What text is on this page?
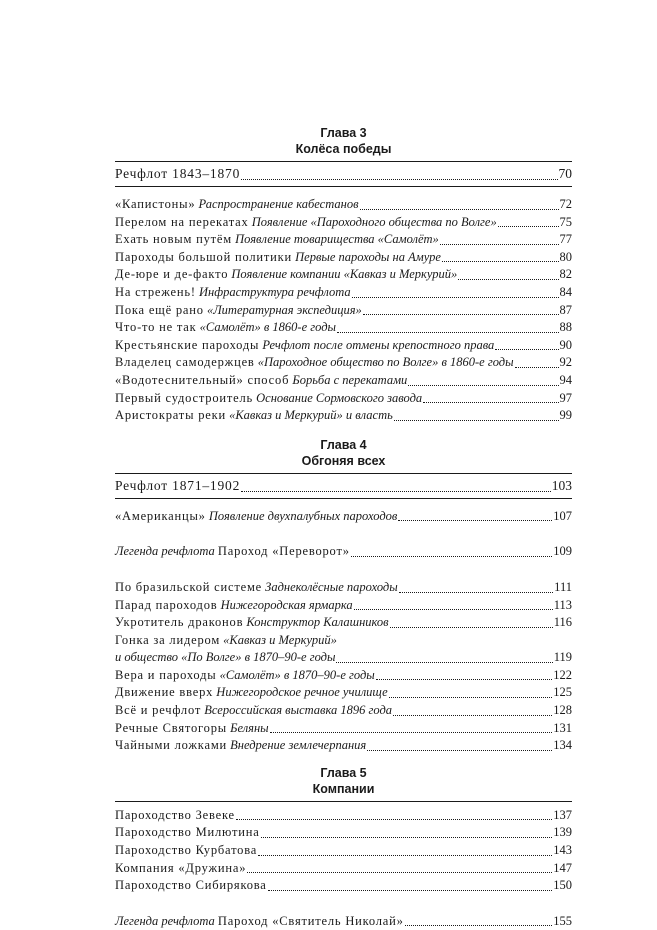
Глава 3
Колёса победы
Речфлот 1843–1870	70
«Капистоны» Распространение кабестанов	72
Перелом на перекатах Появление «Пароходного общества по Волге»	75
Ехать новым путём Появление товарищества «Самолёт»	77
Пароходы большой политики Первые пароходы на Амуре	80
Де-юре и де-факто Появление компании «Кавказ и Меркурий»	82
На стрежень! Инфраструктура речфлота	84
Пока ещё рано «Литературная экспедиция»	87
Что-то не так «Самолёт» в 1860-е годы	88
Крестьянские пароходы Речфлот после отмены крепостного права	90
Владелец самодержцев «Пароходное общество по Волге» в 1860-е годы	92
«Водотеснительный» способ Борьба с перекатами	94
Первый судостроитель Основание Сормовского завода	97
Аристократы реки «Кавказ и Меркурий» и власть	99
Глава 4
Обгоняя всех
Речфлот 1871–1902	103
«Американцы» Появление двухпалубных пароходов	107
Легенда речфлота Пароход «Переворот»	109
По бразильской системе Заднеколёсные пароходы	111
Парад пароходов Нижегородская ярмарка	113
Укротитель драконов Конструктор Калашников	116
Гонка за лидером «Кавказ и Меркурий»
и общество «По Волге» в 1870–90-е годы	119
Вера и пароходы «Самолёт» в 1870–90-е годы	122
Движение вверх Нижегородское речное училище	125
Всё и речфлот Всероссийская выставка 1896 года	128
Речные Святогоры Беляны	131
Чайными ложками Внедрение землечерпания	134
Глава 5
Компании
Пароходство Зевеке	137
Пароходство Милютина	139
Пароходство Курбатова	143
Компания «Дружина»	147
Пароходство Сибирякова	150
Легенда речфлота Пароход «Святитель Николай»	155
